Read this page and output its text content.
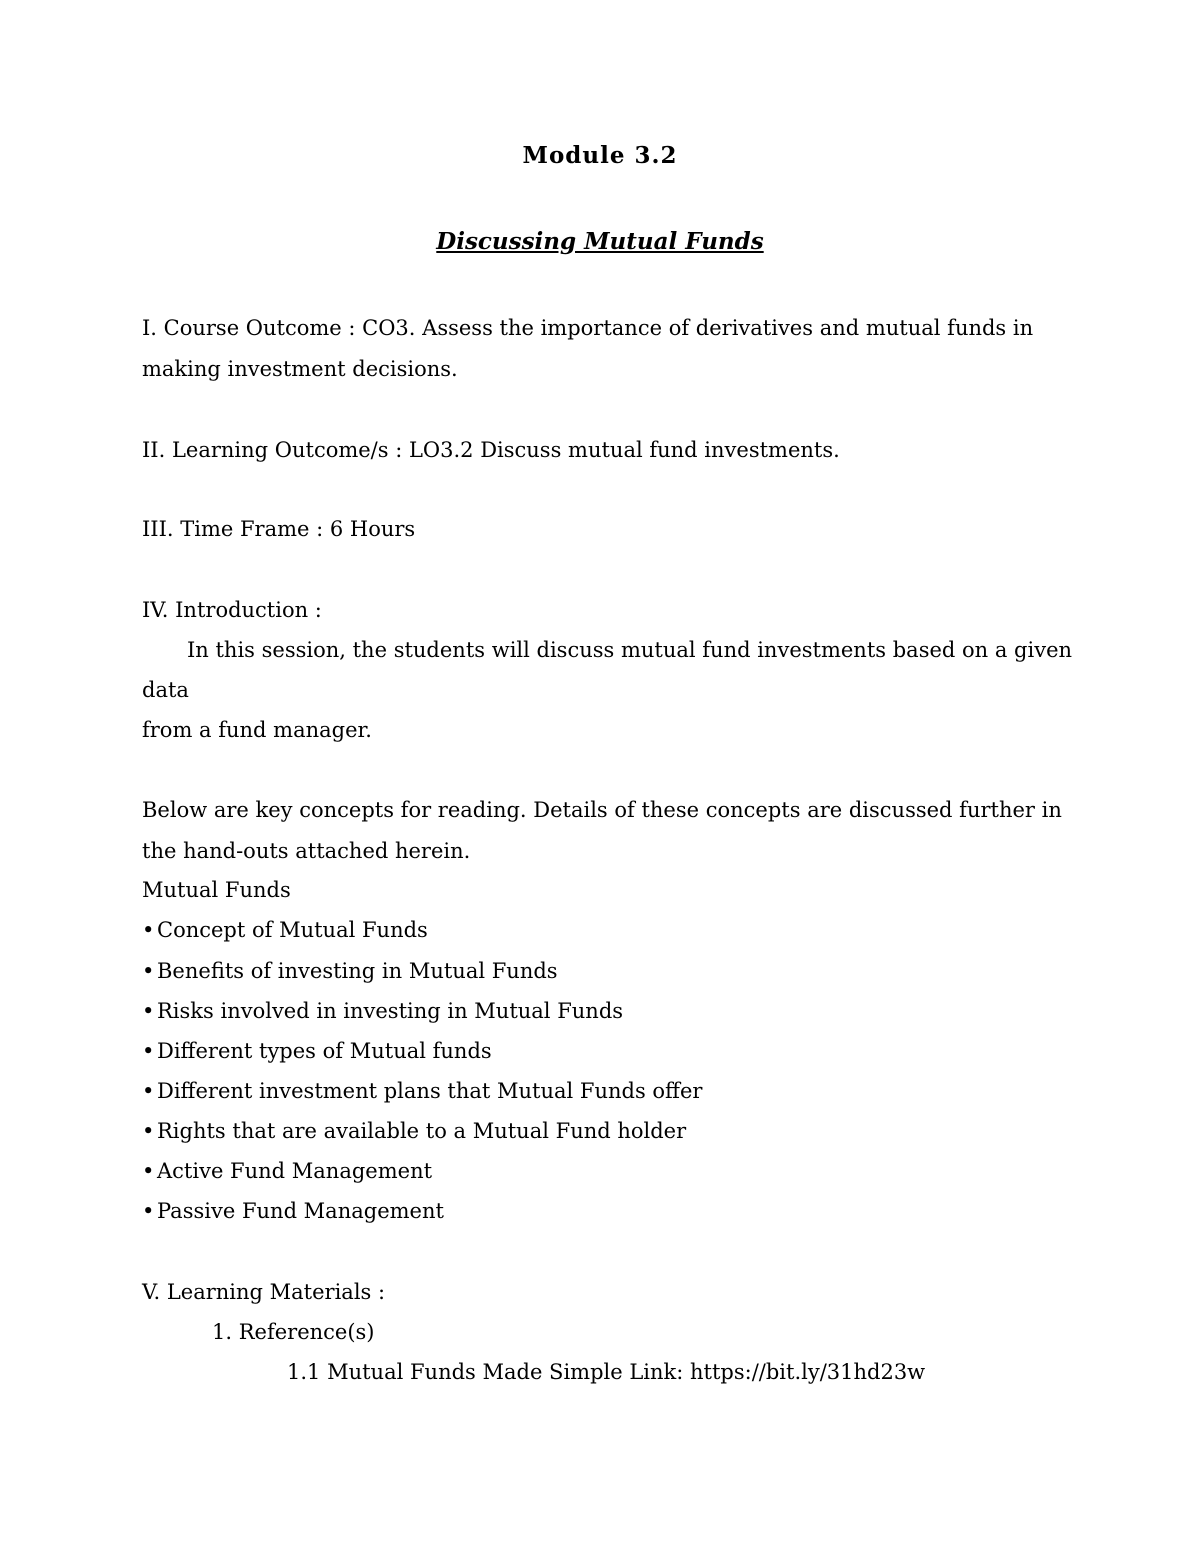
Module 3.2
Discussing Mutual Funds
I. Course Outcome : CO3. Assess the importance of derivatives and mutual funds in
making investment decisions.
II. Learning Outcome/s : LO3.2 Discuss mutual fund investments.
III. Time Frame : 6 Hours
IV. Introduction :
In this session, the students will discuss mutual fund investments based on a given
data
from a fund manager.
Below are key concepts for reading. Details of these concepts are discussed further in
the hand-outs attached herein.
Mutual Funds
• Concept of Mutual Funds
• Benefits of investing in Mutual Funds
• Risks involved in investing in Mutual Funds
• Different types of Mutual funds
• Different investment plans that Mutual Funds offer
• Rights that are available to a Mutual Fund holder
• Active Fund Management
• Passive Fund Management
V. Learning Materials :
1. Reference(s)
1.1 Mutual Funds Made Simple Link: https://bit.ly/31hd23w
